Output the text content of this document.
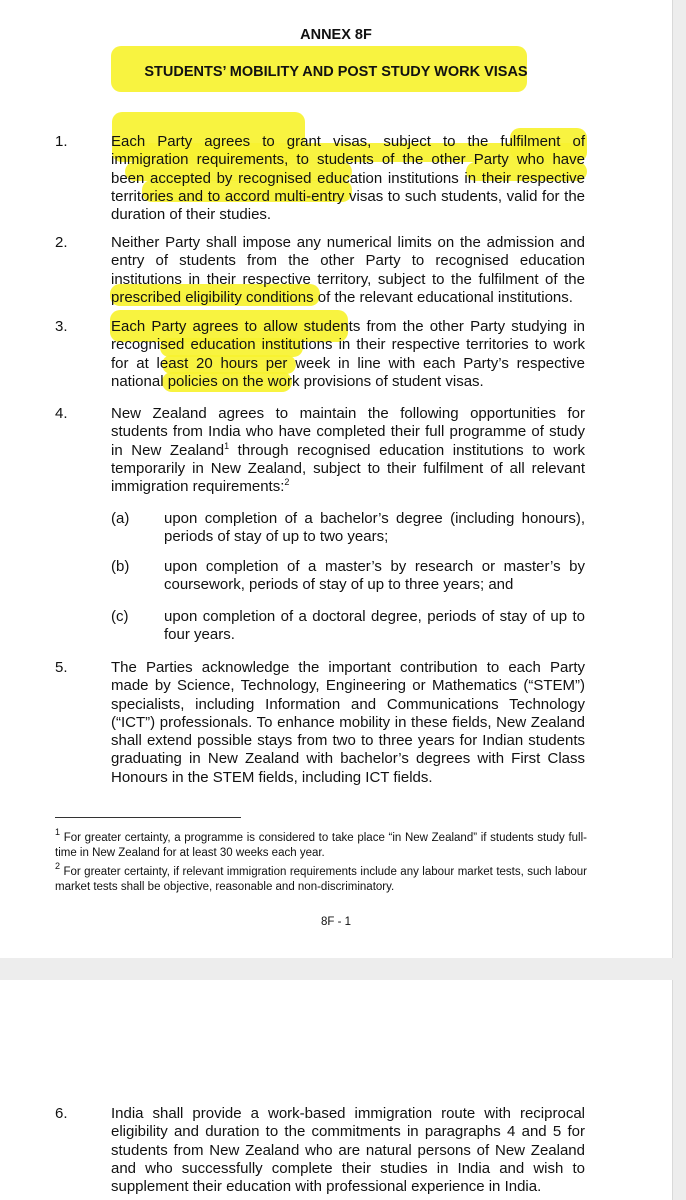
ANNEX 8F
STUDENTS’ MOBILITY AND POST STUDY WORK VISAS
1.	Each Party agrees to grant visas, subject to the fulfilment of immigration requirements, to students of the other Party who have been accepted by recognised education institutions in their respective territories and to accord multi-entry visas to such students, valid for the duration of their studies.
2.	Neither Party shall impose any numerical limits on the admission and entry of students from the other Party to recognised education institutions in their respective territory, subject to the fulfilment of the prescribed eligibility conditions of the relevant educational institutions.
3.	Each Party agrees to allow students from the other Party studying in recognised education institutions in their respective territories to work for at least 20 hours per week in line with each Party’s respective national policies on the work provisions of student visas.
4.	New Zealand agrees to maintain the following opportunities for students from India who have completed their full programme of study in New Zealand$^1$ through recognised education institutions to work temporarily in New Zealand, subject to their fulfilment of all relevant immigration requirements:$^2$
(a) upon completion of a bachelor’s degree (including honours), periods of stay of up to two years;
(b) upon completion of a master’s by research or master’s by coursework, periods of stay of up to three years; and
(c) upon completion of a doctoral degree, periods of stay of up to four years.
5.	The Parties acknowledge the important contribution to each Party made by Science, Technology, Engineering or Mathematics (“STEM”) specialists, including Information and Communications Technology (“ICT”) professionals. To enhance mobility in these fields, New Zealand shall extend possible stays from two to three years for Indian students graduating in New Zealand with bachelor’s degrees with First Class Honours in the STEM fields, including ICT fields.
$^1$ For greater certainty, a programme is considered to take place “in New Zealand” if students study full-time in New Zealand for at least 30 weeks each year.
$^2$ For greater certainty, if relevant immigration requirements include any labour market tests, such labour market tests shall be objective, reasonable and non-discriminatory.
8F - 1
6.	India shall provide a work-based immigration route with reciprocal eligibility and duration to the commitments in paragraphs 4 and 5 for students from New Zealand who are natural persons of New Zealand and who successfully complete their studies in India and wish to supplement their education with professional experience in India.
